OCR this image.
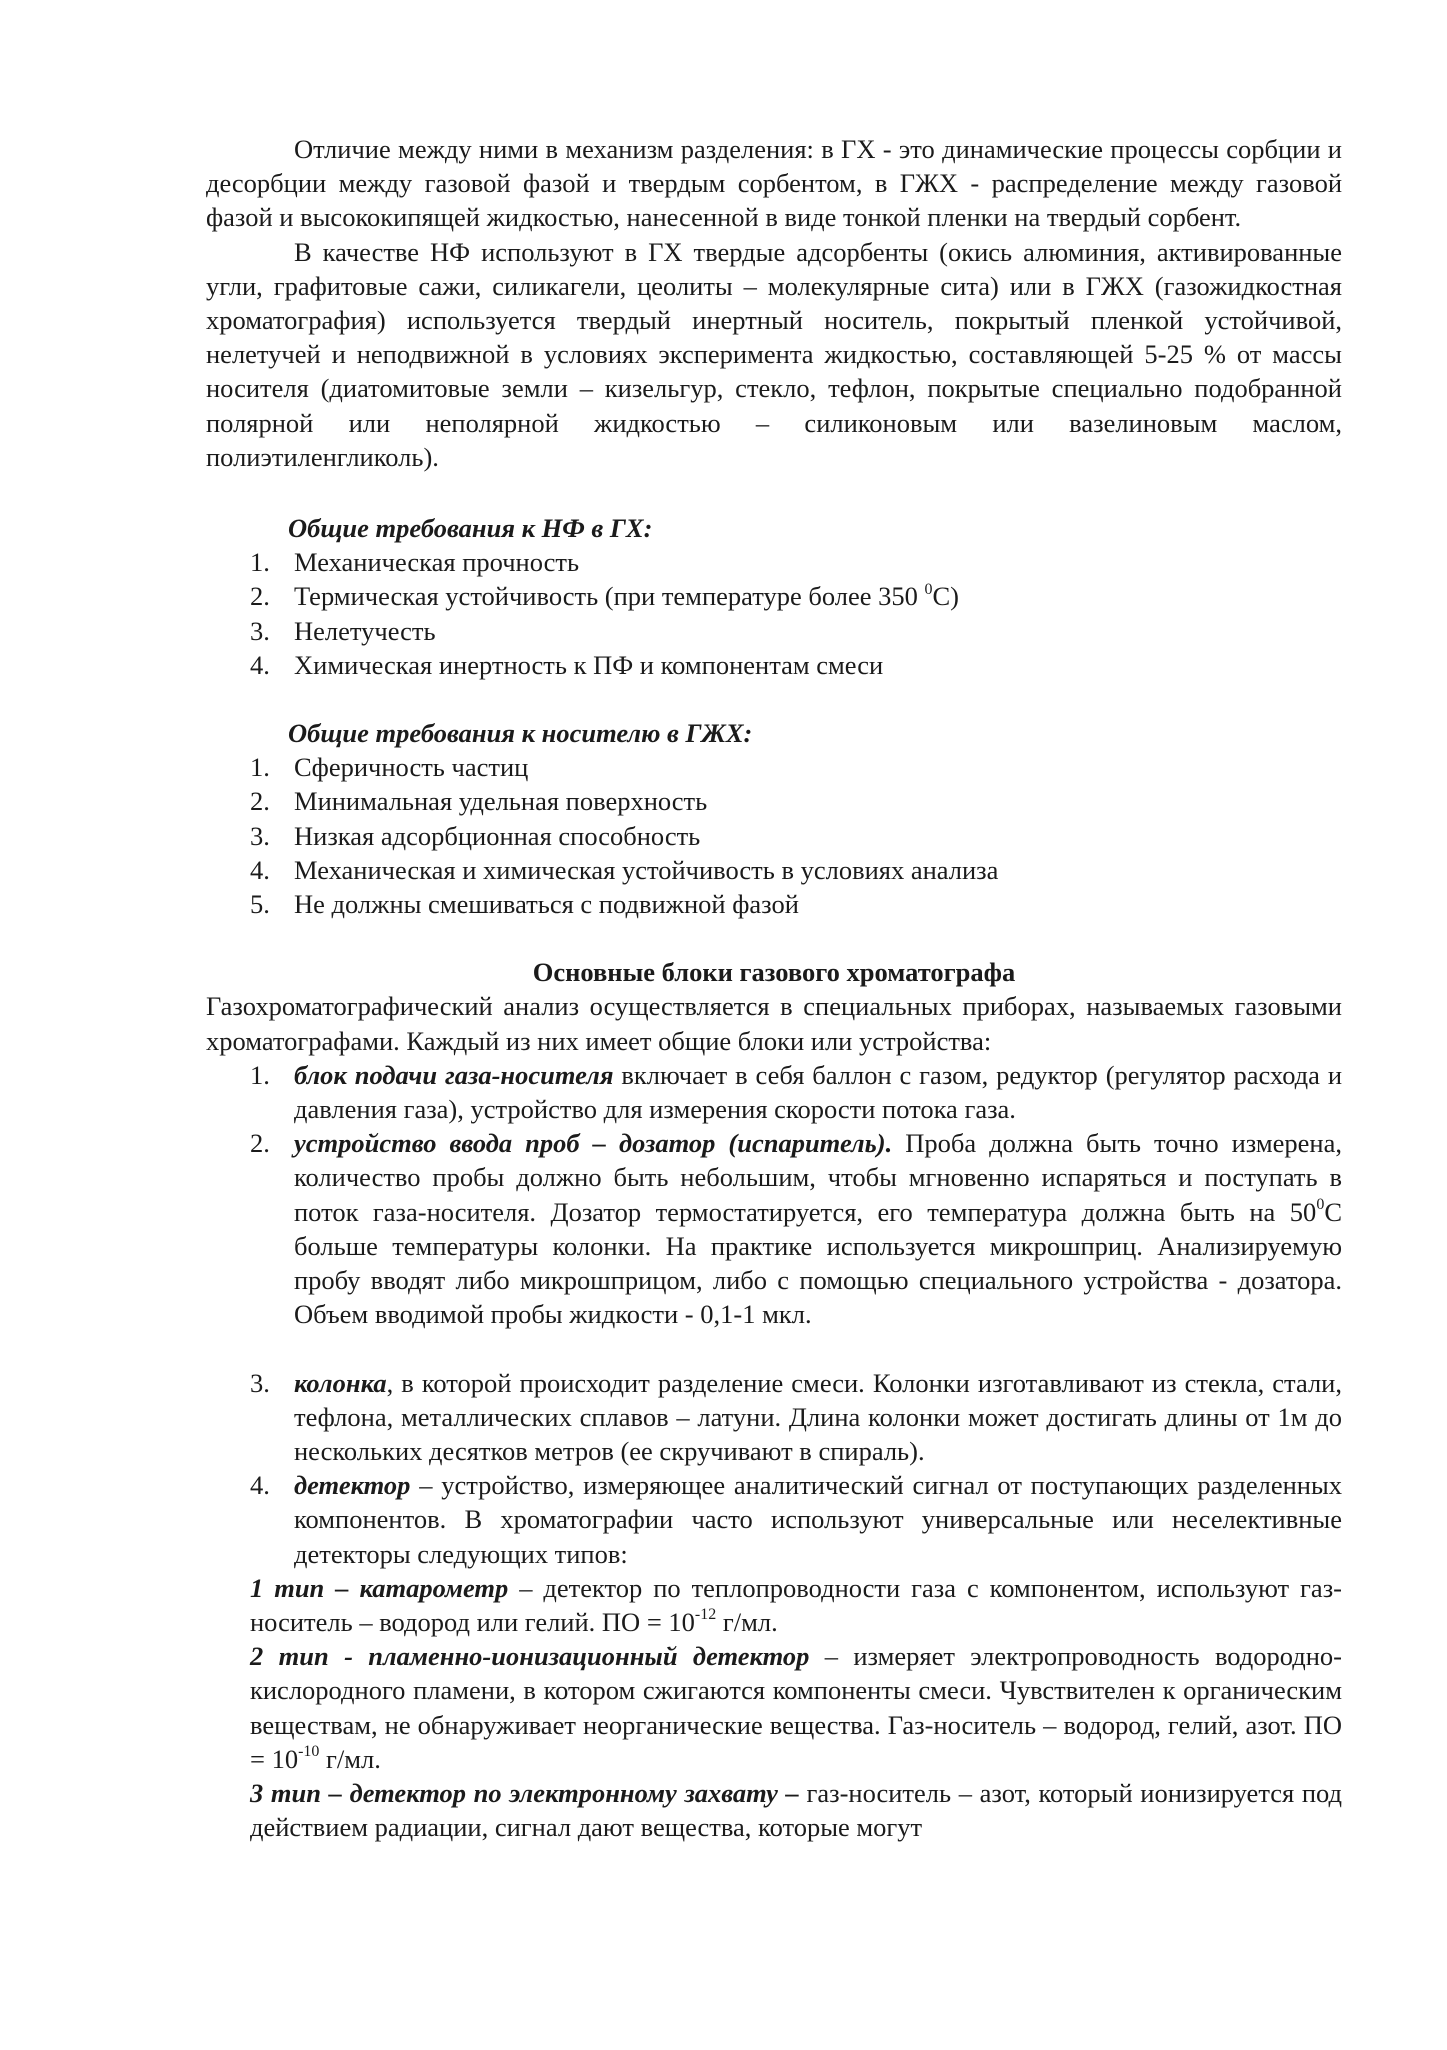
Отличие между ними в механизм разделения: в ГХ - это динамические процессы сорбции и десорбции между газовой фазой и твердым сорбентом, в ГЖХ - распределение между газовой фазой и высококипящей жидкостью, нанесенной в виде тонкой пленки на твердый сорбент.

В качестве НФ используют в ГХ твердые адсорбенты (окись алюминия, активированные угли, графитовые сажи, силикагели, цеолиты – молекулярные сита) или в ГЖХ (газожидкостная хроматография) используется твердый инертный носитель, покрытый пленкой устойчивой, нелетучей и неподвижной в условиях эксперимента жидкостью, составляющей 5-25 % от массы носителя (диатомитовые земли – кизельгур, стекло, тефлон, покрытые специально подобранной полярной или неполярной жидкостью – силиконовым или вазелиновым маслом, полиэтиленгликоль).

Общие требования к НФ в ГХ:

1. Механическая прочность
2. Термическая устойчивость (при температуре более 350 $^0$С)
3. Нелетучесть
4. Химическая инертность к ПФ и компонентам смеси

Общие требования к носителю в ГЖХ:

1. Сферичность частиц
2. Минимальная удельная поверхность
3. Низкая адсорбционная способность
4. Механическая и химическая устойчивость в условиях анализа
5. Не должны смешиваться с подвижной фазой

Основные блоки газового хроматографа

Газохроматографический анализ осуществляется в специальных приборах, называемых газовыми хроматографами. Каждый из них имеет общие блоки или устройства:

1. блок подачи газа-носителя включает в себя баллон с газом, редуктор (регулятор расхода и давления газа), устройство для измерения скорости потока газа.
2. устройство ввода проб – дозатор (испаритель). Проба должна быть точно измерена, количество пробы должно быть небольшим, чтобы мгновенно испаряться и поступать в поток газа-носителя. Дозатор термостатируется, его температура должна быть на $50^0С$ больше температуры колонки. На практике используется микрошприц. Анализируемую пробу вводят либо микрошприцом, либо с помощью специального устройства - дозатора. Объем вводимой пробы жидкости - 0,1-1 мкл.
3. колонка, в которой происходит разделение смеси. Колонки изготавливают из стекла, стали, тефлона, металлических сплавов – латуни. Длина колонки может достигать длины от 1м до нескольких десятков метров (ее скручивают в спираль).
4. детектор – устройство, измеряющее аналитический сигнал от поступающих разделенных компонентов. В хроматографии часто используют универсальные или неселективные детекторы следующих типов:

1 тип – катарометр – детектор по теплопроводности газа с компонентом, используют газ-носитель – водород или гелий. ПО = $10^{-12}$ г/мл.

2 тип - пламенно-ионизационный детектор – измеряет электропроводность водородно-кислородного пламени, в котором сжигаются компоненты смеси. Чувствителен к органическим веществам, не обнаруживает неорганические вещества. Газ-носитель – водород, гелий, азот. ПО = $10^{-10}$ г/мл.

3 тип – детектор по электронному захвату – газ-носитель – азот, который ионизируется под действием радиации, сигнал дают вещества, которые могут
